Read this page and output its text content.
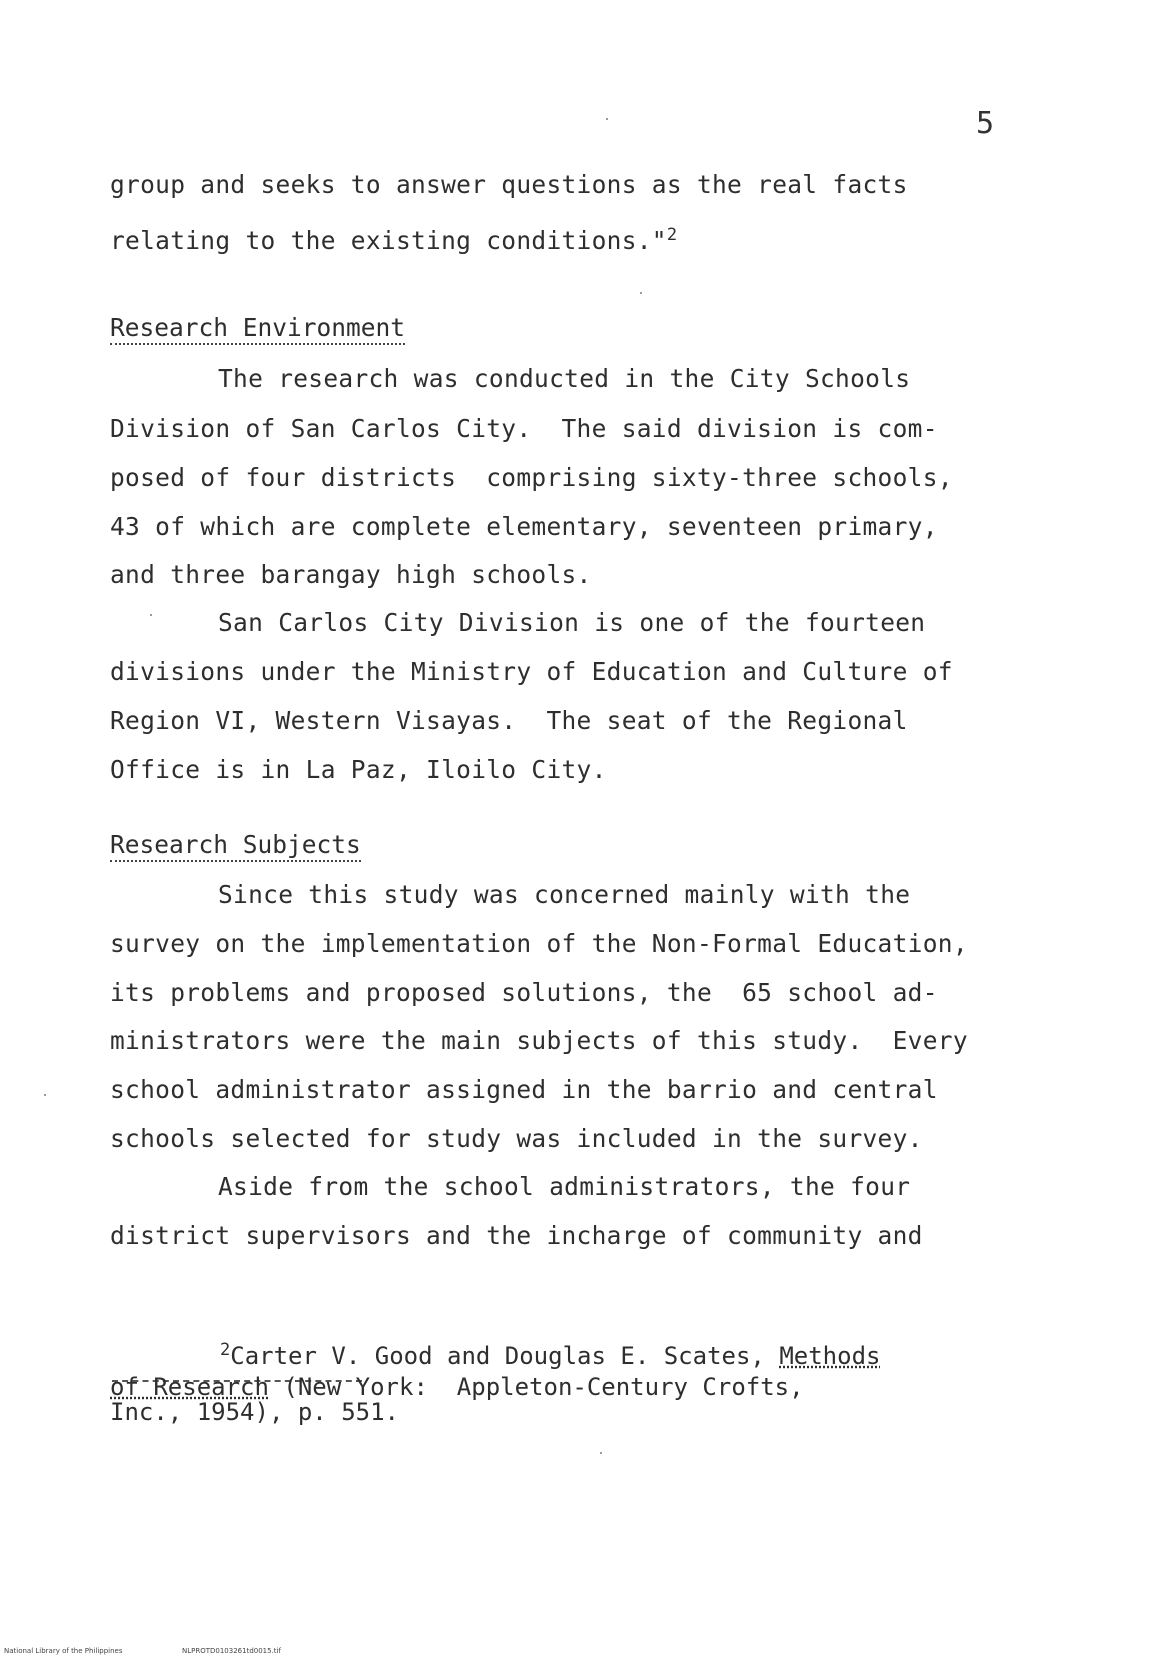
5
group and seeks to answer questions as the real facts
relating to the existing conditions."$^2$
Research Environment
The research was conducted in the City Schools
Division of San Carlos City.  The said division is com-
posed of four districts  comprising sixty-three schools,
43 of which are complete elementary, seventeen primary,
and three barangay high schools.
San Carlos City Division is one of the fourteen
divisions under the Ministry of Education and Culture of
Region VI, Western Visayas.  The seat of the Regional
Office is in La Paz, Iloilo City.
Research Subjects
Since this study was concerned mainly with the
survey on the implementation of the Non-Formal Education,
its problems and proposed solutions, the  65 school ad-
ministrators were the main subjects of this study.  Every
school administrator assigned in the barrio and central
schools selected for study was included in the survey.
Aside from the school administrators, the four
district supervisors and the incharge of community and
$^2$Carter V. Good and Douglas E. Scates, Methods
of Research (New York:  Appleton-Century Crofts,
Inc., 1954), p. 551.
National Library of the Philippines	NLPROTD0103261td0015.tif
